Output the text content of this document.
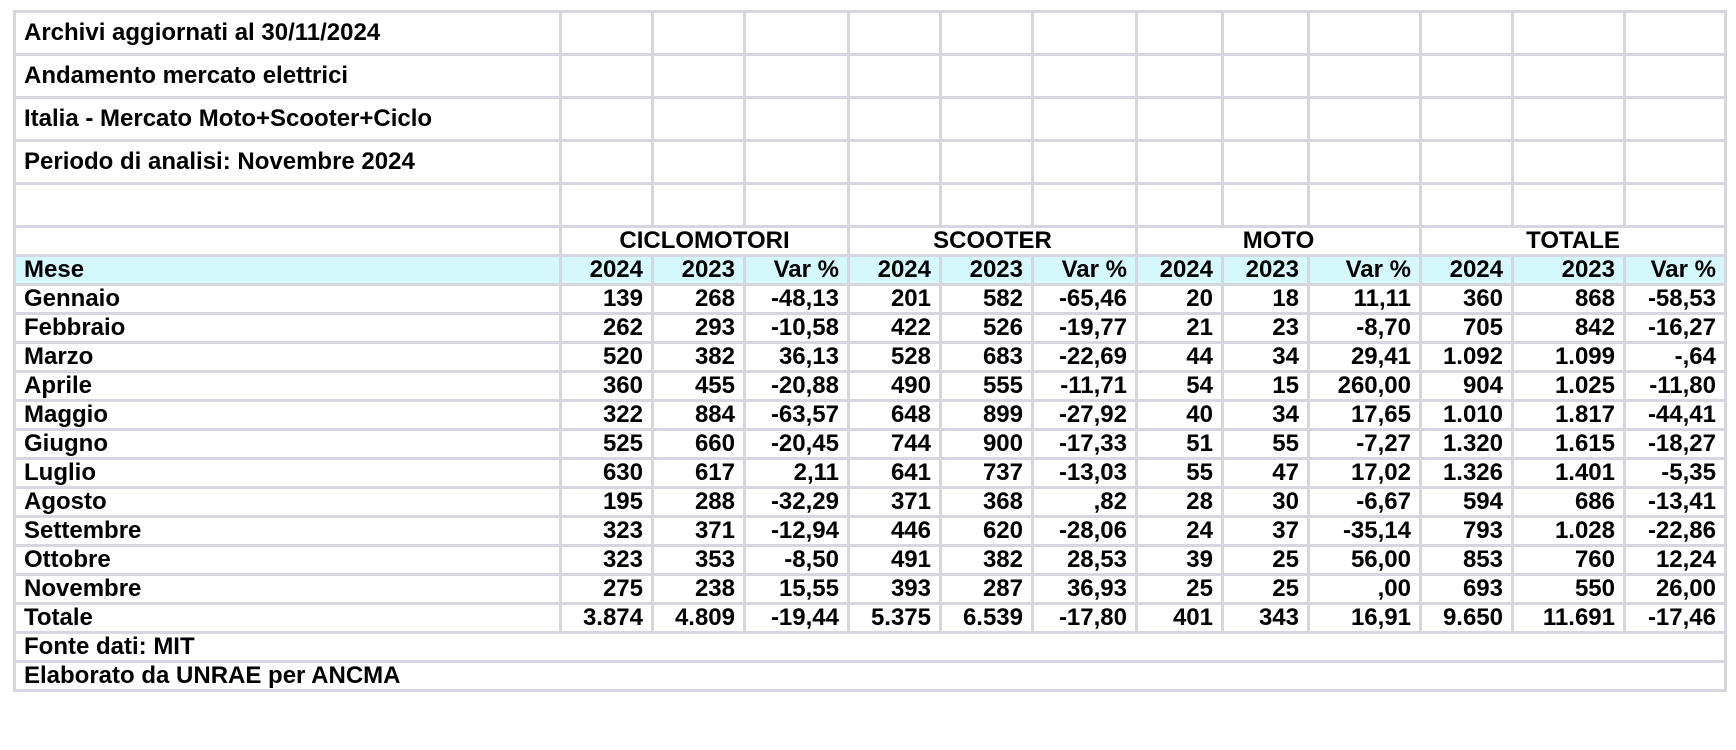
Archivi aggiornati al 30/11/2024												
Andamento mercato elettrici												
Italia - Mercato Moto+Scooter+Ciclo												
Periodo di analisi: Novembre 2024												

	CICLOMOTORI			SCOOTER			MOTO			TOTALE		
Mese	2024	2023	Var %	2024	2023	Var %	2024	2023	Var %	2024	2023	Var %
Gennaio	139	268	-48,13	201	582	-65,46	20	18	11,11	360	868	-58,53
Febbraio	262	293	-10,58	422	526	-19,77	21	23	-8,70	705	842	-16,27
Marzo	520	382	36,13	528	683	-22,69	44	34	29,41	1.092	1.099	-,64
Aprile	360	455	-20,88	490	555	-11,71	54	15	260,00	904	1.025	-11,80
Maggio	322	884	-63,57	648	899	-27,92	40	34	17,65	1.010	1.817	-44,41
Giugno	525	660	-20,45	744	900	-17,33	51	55	-7,27	1.320	1.615	-18,27
Luglio	630	617	2,11	641	737	-13,03	55	47	17,02	1.326	1.401	-5,35
Agosto	195	288	-32,29	371	368	,82	28	30	-6,67	594	686	-13,41
Settembre	323	371	-12,94	446	620	-28,06	24	37	-35,14	793	1.028	-22,86
Ottobre	323	353	-8,50	491	382	28,53	39	25	56,00	853	760	12,24
Novembre	275	238	15,55	393	287	36,93	25	25	,00	693	550	26,00
Totale	3.874	4.809	-19,44	5.375	6.539	-17,80	401	343	16,91	9.650	11.691	-17,46
Fonte dati: MIT												
Elaborato da UNRAE per ANCMA												
